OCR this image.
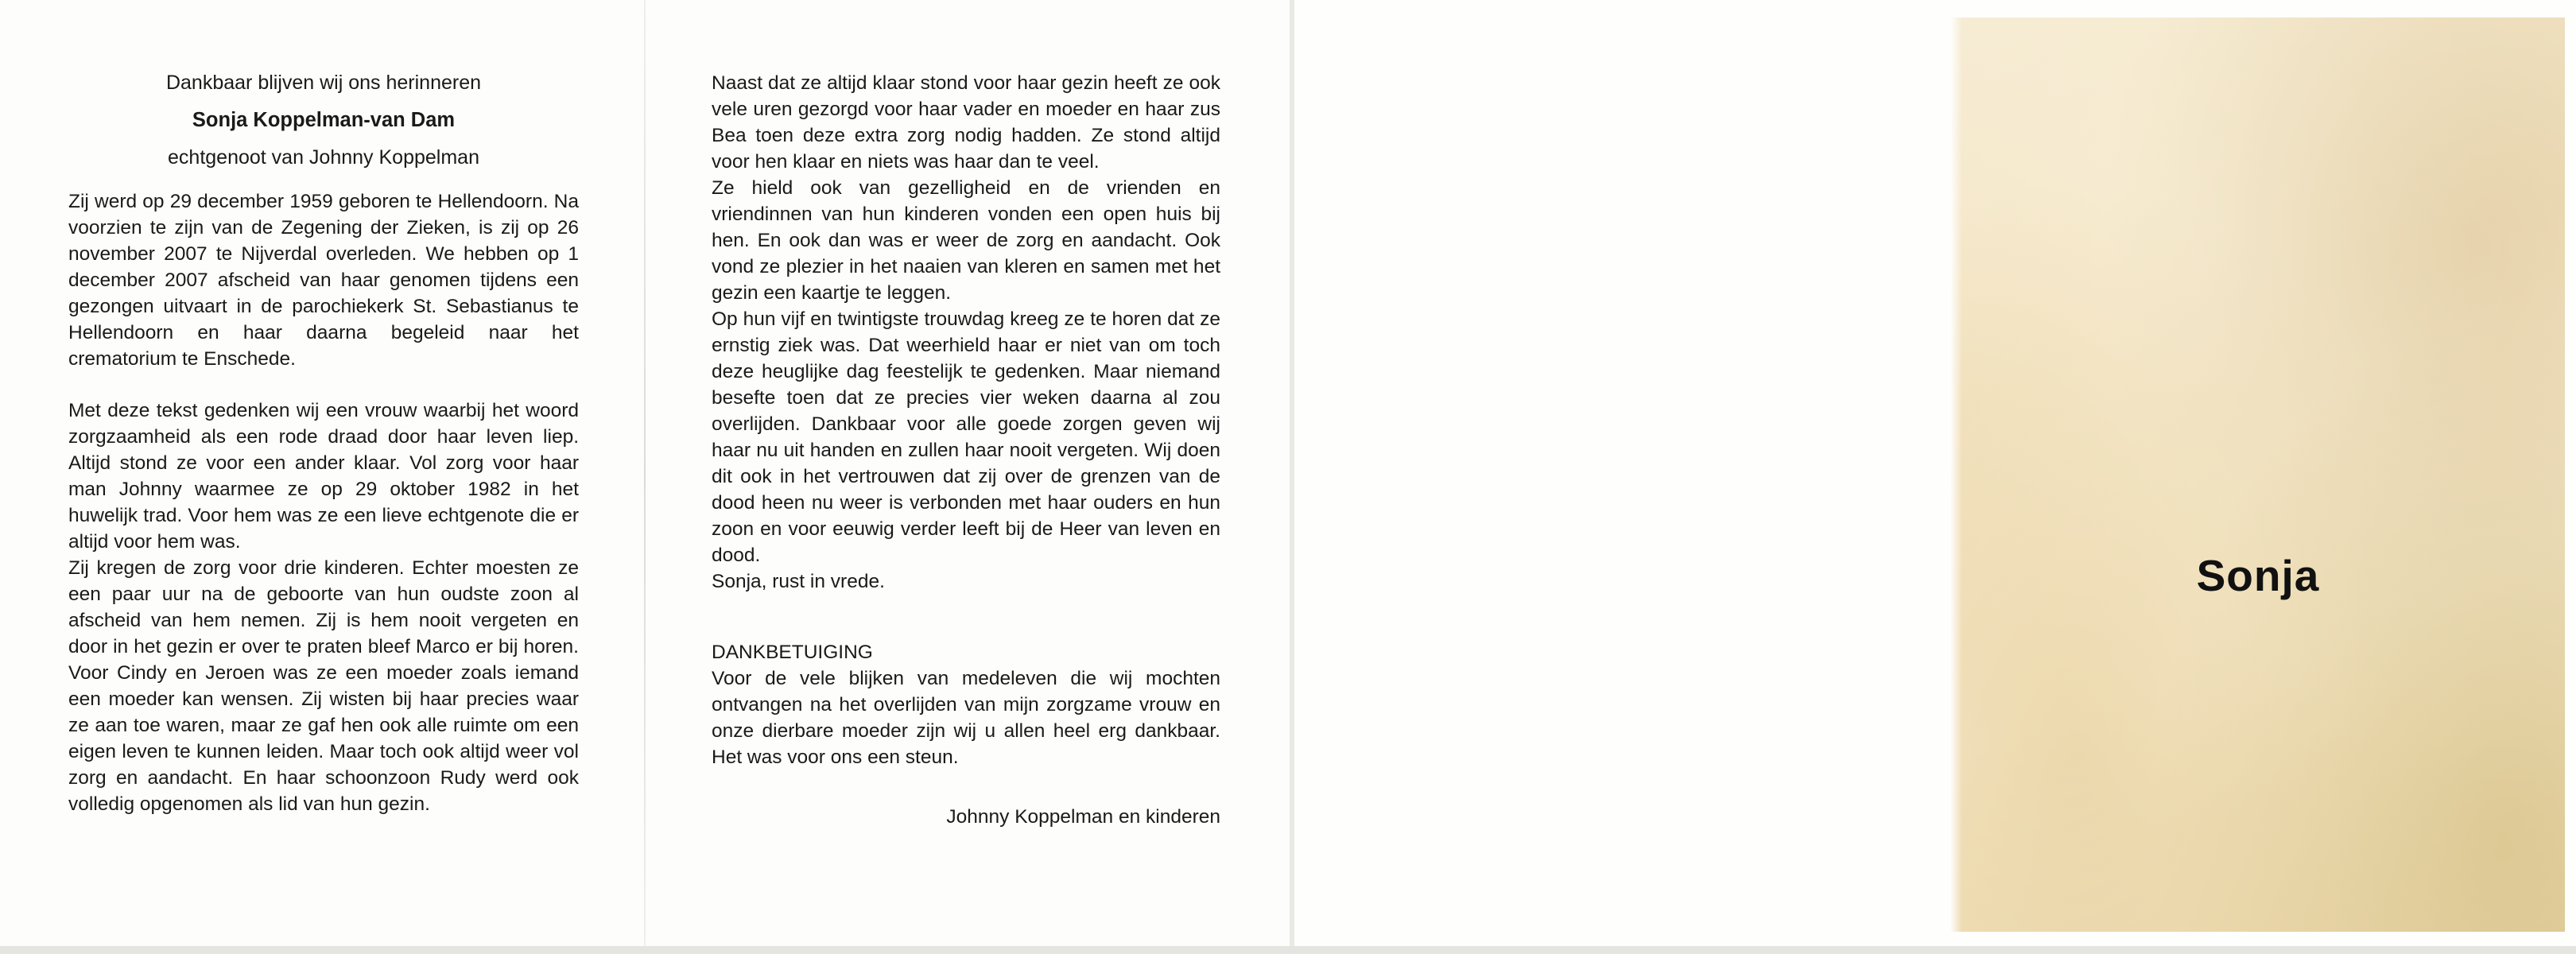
Dankbaar blijven wij ons herinneren
Sonja Koppelman-van Dam
echtgenoot van Johnny Koppelman

Zij werd op 29 december 1959 geboren te Hellendoorn. Na voorzien te zijn van de Zegening der Zieken, is zij op 26 november 2007 te Nijverdal overleden. We hebben op 1 december 2007 afscheid van haar genomen tijdens een gezongen uitvaart in de parochiekerk St. Sebastianus te Hellendoorn en haar daarna begeleid naar het crematorium te Enschede.

Met deze tekst gedenken wij een vrouw waarbij het woord zorgzaamheid als een rode draad door haar leven liep. Altijd stond ze voor een ander klaar. Vol zorg voor haar man Johnny waarmee ze op 29 oktober 1982 in het huwelijk trad. Voor hem was ze een lieve echtgenote die er altijd voor hem was.

Zij kregen de zorg voor drie kinderen. Echter moesten ze een paar uur na de geboorte van hun oudste zoon al afscheid van hem nemen. Zij is hem nooit vergeten en door in het gezin er over te praten bleef Marco er bij horen. Voor Cindy en Jeroen was ze een moeder zoals iemand een moeder kan wensen. Zij wisten bij haar precies waar ze aan toe waren, maar ze gaf hen ook alle ruimte om een eigen leven te kunnen leiden. Maar toch ook altijd weer vol zorg en aandacht. En haar schoonzoon Rudy werd ook volledig opgenomen als lid van hun gezin.

Naast dat ze altijd klaar stond voor haar gezin heeft ze ook vele uren gezorgd voor haar vader en moeder en haar zus Bea toen deze extra zorg nodig hadden. Ze stond altijd voor hen klaar en niets was haar dan te veel.

Ze hield ook van gezelligheid en de vrienden en vriendinnen van hun kinderen vonden een open huis bij hen. En ook dan was er weer de zorg en aandacht. Ook vond ze plezier in het naaien van kleren en samen met het gezin een kaartje te leggen.

Op hun vijf en twintigste trouwdag kreeg ze te horen dat ze ernstig ziek was. Dat weerhield haar er niet van om toch deze heuglijke dag feestelijk te gedenken. Maar niemand besefte toen dat ze precies vier weken daarna al zou overlijden. Dankbaar voor alle goede zorgen geven wij haar nu uit handen en zullen haar nooit vergeten. Wij doen dit ook in het vertrouwen dat zij over de grenzen van de dood heen nu weer is verbonden met haar ouders en hun zoon en voor eeuwig verder leeft bij de Heer van leven en dood.

Sonja, rust in vrede.

DANKBETUIGING

Voor de vele blijken van medeleven die wij mochten ontvangen na het overlijden van mijn zorgzame vrouw en onze dierbare moeder zijn wij u allen heel erg dankbaar. Het was voor ons een steun.

Johnny Koppelman en kinderen

Sonja
